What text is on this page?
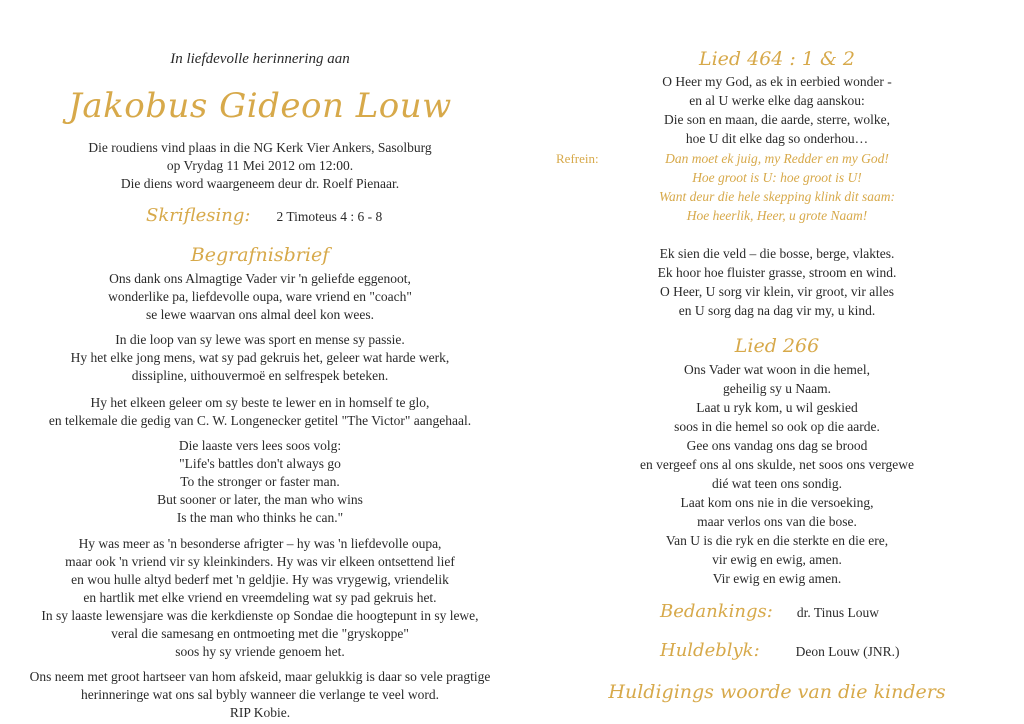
In liefdevolle herinnering aan
Jakobus Gideon Louw
Die roudiens vind plaas in die NG Kerk Vier Ankers, Sasolburg
op Vrydag 11 Mei 2012 om 12:00.
Die diens word waargeneem deur dr. Roelf Pienaar.
Skriflesing: 2 Timoteus 4 : 6 - 8
Begrafnisbrief
Ons dank ons Almagtige Vader vir 'n geliefde eggenoot,
wonderlike pa, liefdevolle oupa, ware vriend en "coach"
se lewe waarvan ons almal deel kon wees.
In die loop van sy lewe was sport en mense sy passie.
Hy het elke jong mens, wat sy pad gekruis het, geleer wat harde werk,
dissipline, uithouvermoë en selfrespek beteken.
Hy het elkeen geleer om sy beste te lewer en in homself te glo,
en telkemale die gedig van C. W. Longenecker getitel "The Victor" aangehaal.
Die laaste vers lees soos volg:
"Life's battles don't always go
To the stronger or faster man.
But sooner or later, the man who wins
Is the man who thinks he can."
Hy was meer as 'n besonderse afrigter – hy was 'n liefdevolle oupa,
maar ook 'n vriend vir sy kleinkinders. Hy was vir elkeen ontsettend lief
en wou hulle altyd bederf met 'n geldjie. Hy was vrygewig, vriendelik
en hartlik met elke vriend en vreemdeling wat sy pad gekruis het.
In sy laaste lewensjare was die kerkdienste op Sondae die hoogtepunt in sy lewe,
veral die samesang en ontmoeting met die "gryskoppe"
soos hy sy vriende genoem het.
Ons neem met groot hartseer van hom afskeid, maar gelukkig is daar so vele pragtige
herinneringe wat ons sal bybly wanneer die verlange te veel word.
RIP Kobie.
Lied 464 : 1 & 2
O Heer my God, as ek in eerbied wonder -
en al U werke elke dag aanskou:
Die son en maan, die aarde, sterre, wolke,
hoe U dit elke dag so onderhou…
Refrein:	Dan moet ek juig, my Redder en my God!
Hoe groot is U: hoe groot is U!
Want deur die hele skepping klink dit saam:
Hoe heerlik, Heer, u grote Naam!
Ek sien die veld – die bosse, berge, vlaktes.
Ek hoor hoe fluister grasse, stroom en wind.
O Heer, U sorg vir klein, vir groot, vir alles
en U sorg dag na dag vir my, u kind.
Lied 266
Ons Vader wat woon in die hemel,
geheilig sy u Naam.
Laat u ryk kom, u wil geskied
soos in die hemel so ook op die aarde.
Gee ons vandag ons dag se brood
en vergeef ons al ons skulde, net soos ons vergewe
dié wat teen ons sondig.
Laat kom ons nie in die versoeking,
maar verlos ons van die bose.
Van U is die ryk en die sterkte en die ere,
vir ewig en ewig, amen.
Vir ewig en ewig amen.
Bedankings: dr. Tinus Louw
Huldeblyk:	Deon Louw (JNR.)
Huldigings woorde van die kinders
